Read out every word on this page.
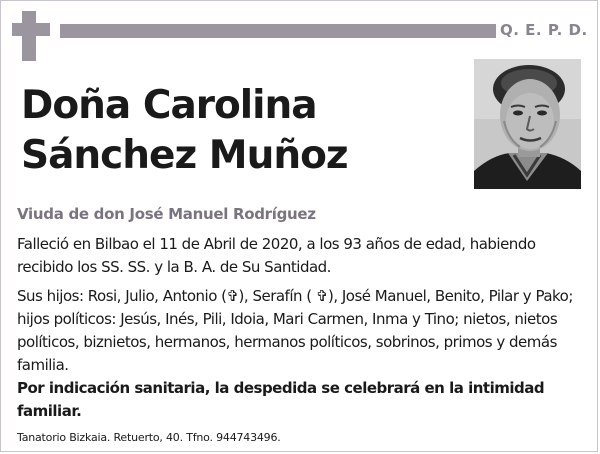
Q. E. P. D.
Doña Carolina
Sánchez Muñoz
Viuda de don José Manuel Rodríguez
Falleció en Bilbao el 11 de Abril de 2020, a los 93 años de edad, habiendo recibido los SS. SS. y la B. A. de Su Santidad.
Sus hijos: Rosi, Julio, Antonio (✞), Serafín ( ✞), José Manuel, Benito, Pilar y Pako; hijos políticos: Jesús, Inés, Pili, Idoia, Mari Carmen, Inma y Tino; nietos, nietos políticos, biznietos, hermanos, hermanos políticos, sobrinos, primos y demás familia.
Por indicación sanitaria, la despedida se celebrará en la intimidad familiar.
Tanatorio Bizkaia. Retuerto, 40. Tfno. 944743496.
